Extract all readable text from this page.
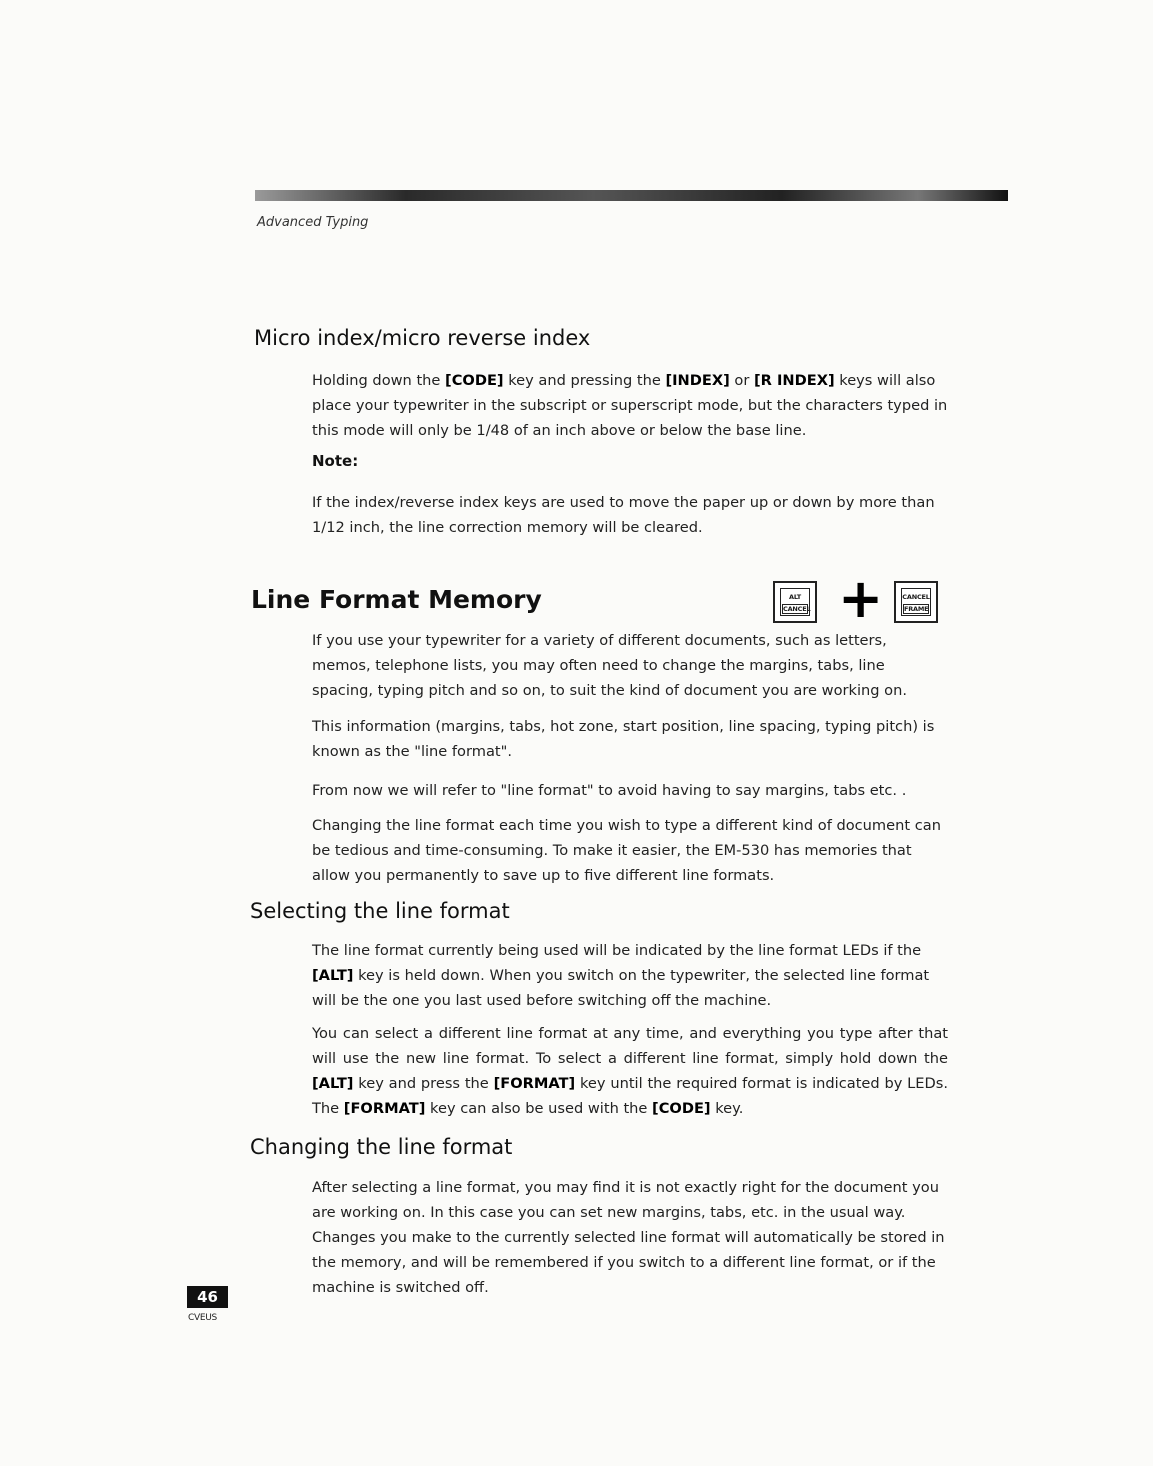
Advanced Typing
Micro index/micro reverse index

Holding down the [CODE] key and pressing the [INDEX] or [R INDEX] keys will also place your typewriter in the subscript or superscript mode, but the characters typed in this mode will only be 1/48 of an inch above or below the base line.

Note:

If the index/reverse index keys are used to move the paper up or down by more than 1/12 inch, the line correction memory will be cleared.

Line Format Memory	ALT
CANCEL +	CANCEL
FRAME

If you use your typewriter for a variety of different documents, such as letters, memos, telephone lists, you may often need to change the margins, tabs, line spacing, typing pitch and so on, to suit the kind of document you are working on.

This information (margins, tabs, hot zone, start position, line spacing, typing pitch) is known as the "line format".

From now we will refer to "line format" to avoid having to say margins, tabs etc. .

Changing the line format each time you wish to type a different kind of document can be tedious and time-consuming. To make it easier, the EM-530 has memories that allow you permanently to save up to five different line formats.

Selecting the line format

The line format currently being used will be indicated by the line format LEDs if the [ALT] key is held down. When you switch on the typewriter, the selected line format will be the one you last used before switching off the machine.

You can select a different line format at any time, and everything you type after that will use the new line format. To select a different line format, simply hold down the [ALT] key and press the [FORMAT] key until the required format is indicated by LEDs. The [FORMAT] key can also be used with the [CODE] key.

Changing the line format

After selecting a line format, you may find it is not exactly right for the document you are working on. In this case you can set new margins, tabs, etc. in the usual way. Changes you make to the currently selected line format will automatically be stored in the memory, and will be remembered if you switch to a different line format, or if the machine is switched off.

46
CVEUS
